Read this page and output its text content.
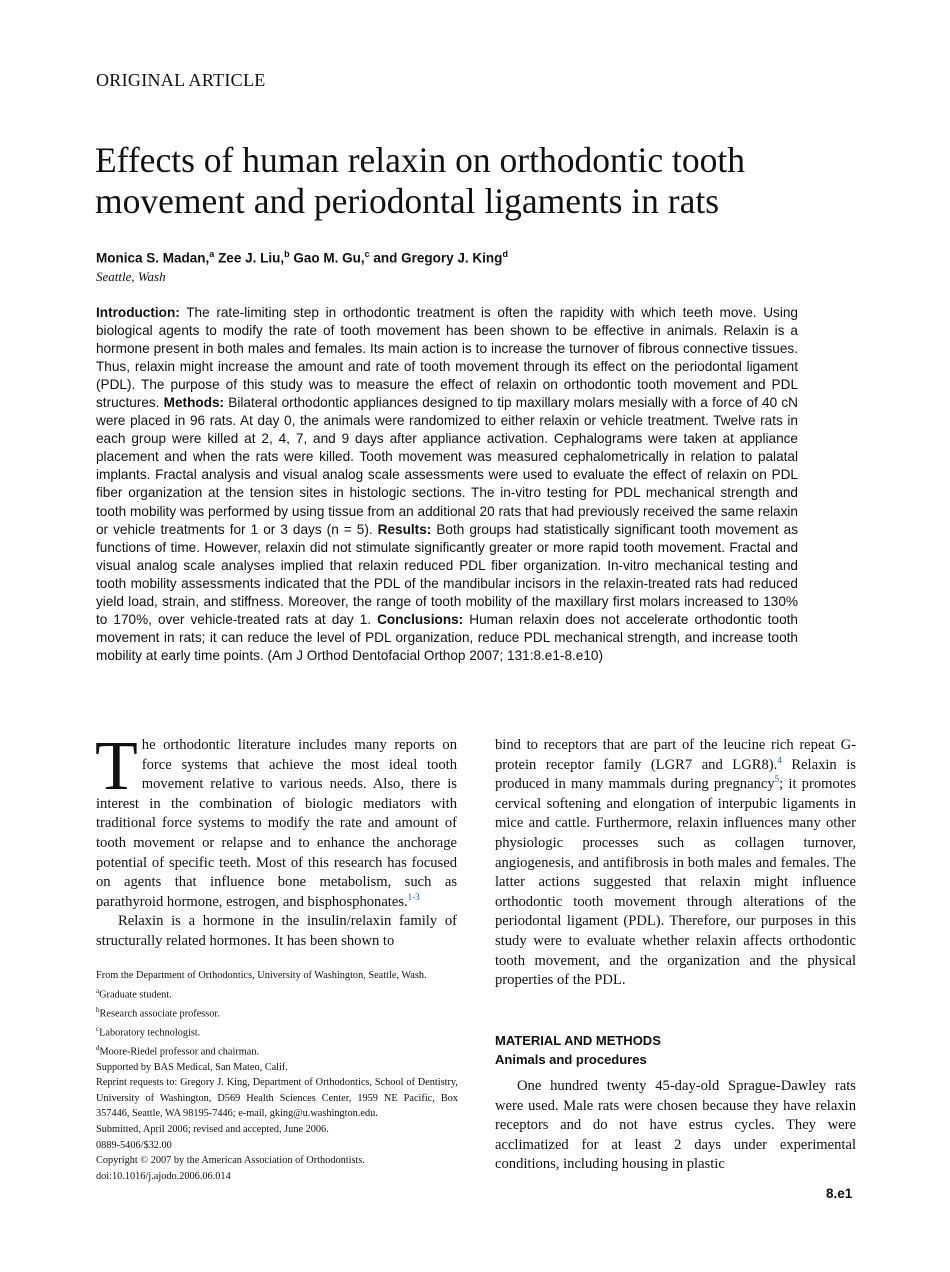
ORIGINAL ARTICLE
Effects of human relaxin on orthodontic tooth movement and periodontal ligaments in rats
Monica S. Madan,$^a$ Zee J. Liu,$^b$ Gao M. Gu,$^c$ and Gregory J. King$^d$
Seattle, Wash

Introduction: The rate-limiting step in orthodontic treatment is often the rapidity with which teeth move. Using biological agents to modify the rate of tooth movement has been shown to be effective in animals. Relaxin is a hormone present in both males and females. Its main action is to increase the turnover of fibrous connective tissues. Thus, relaxin might increase the amount and rate of tooth movement through its effect on the periodontal ligament (PDL). The purpose of this study was to measure the effect of relaxin on orthodontic tooth movement and PDL structures. Methods: Bilateral orthodontic appliances designed to tip maxillary molars mesially with a force of 40 cN were placed in 96 rats. At day 0, the animals were randomized to either relaxin or vehicle treatment. Twelve rats in each group were killed at 2, 4, 7, and 9 days after appliance activation. Cephalograms were taken at appliance placement and when the rats were killed. Tooth movement was measured cephalometrically in relation to palatal implants. Fractal analysis and visual analog scale assessments were used to evaluate the effect of relaxin on PDL fiber organization at the tension sites in histologic sections. The in-vitro testing for PDL mechanical strength and tooth mobility was performed by using tissue from an additional 20 rats that had previously received the same relaxin or vehicle treatments for 1 or 3 days (n = 5). Results: Both groups had statistically significant tooth movement as functions of time. However, relaxin did not stimulate significantly greater or more rapid tooth movement. Fractal and visual analog scale analyses implied that relaxin reduced PDL fiber organization. In-vitro mechanical testing and tooth mobility assessments indicated that the PDL of the mandibular incisors in the relaxin-treated rats had reduced yield load, strain, and stiffness. Moreover, the range of tooth mobility of the maxillary first molars increased to 130% to 170%, over vehicle-treated rats at day 1. Conclusions: Human relaxin does not accelerate orthodontic tooth movement in rats; it can reduce the level of PDL organization, reduce PDL mechanical strength, and increase tooth mobility at early time points. (Am J Orthod Dentofacial Orthop 2007; 131:8.e1-8.e10)

The orthodontic literature includes many reports on force systems that achieve the most ideal tooth movement relative to various needs. Also, there is interest in the combination of biologic mediators with traditional force systems to modify the rate and amount of tooth movement or relapse and to enhance the anchorage potential of specific teeth. Most of this research has focused on agents that influence bone metabolism, such as parathyroid hormone, estrogen, and bisphosphonates.$^{1-3}$

Relaxin is a hormone in the insulin/relaxin family of structurally related hormones. It has been shown to

bind to receptors that are part of the leucine rich repeat G-protein receptor family (LGR7 and LGR8).$^4$ Relaxin is produced in many mammals during pregnancy$^5$; it promotes cervical softening and elongation of interpubic ligaments in mice and cattle. Furthermore, relaxin influences many other physiologic processes such as collagen turnover, angiogenesis, and antifibrosis in both males and females. The latter actions suggested that relaxin might influence orthodontic tooth movement through alterations of the periodontal ligament (PDL). Therefore, our purposes in this study were to evaluate whether relaxin affects orthodontic tooth movement, and the organization and the physical properties of the PDL.

MATERIAL AND METHODS
Animals and procedures

One hundred twenty 45-day-old Sprague-Dawley rats were used. Male rats were chosen because they have relaxin receptors and do not have estrus cycles. They were acclimatized for at least 2 days under experimental conditions, including housing in plastic

From the Department of Orthodontics, University of Washington, Seattle, Wash.
$^a$Graduate student.
$^b$Research associate professor.
$^c$Laboratory technologist.
$^d$Moore-Riedel professor and chairman.
Supported by BAS Medical, San Mateo, Calif.
Reprint requests to: Gregory J. King, Department of Orthodontics, School of Dentistry, University of Washington, D569 Health Sciences Center, 1959 NE Pacific, Box 357446, Seattle, WA 98195-7446; e-mail, gking@u.washington.edu.
Submitted, April 2006; revised and accepted, June 2006.
0889-5406/$32.00
Copyright © 2007 by the American Association of Orthodontists.
doi:10.1016/j.ajodo.2006.06.014
8.e1
